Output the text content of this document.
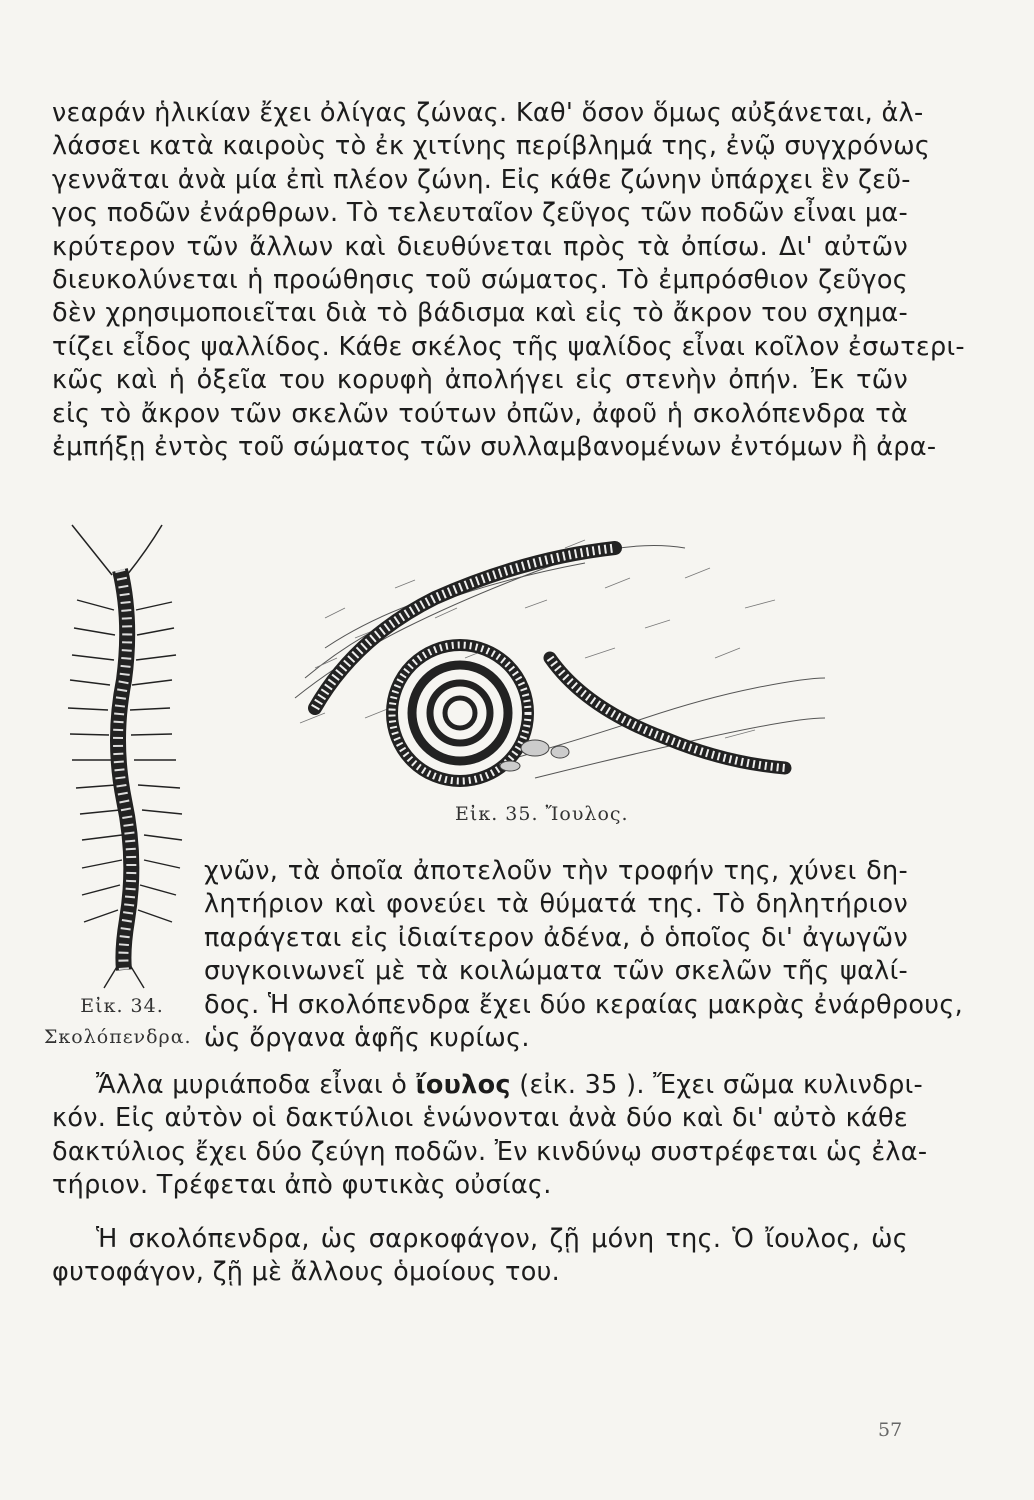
νεαράν ἡλικίαν ἔχει ὀλίγας ζώνας. Καθ' ὅσον ὅμως αὐξάνεται, ἀλ-
λάσσει κατὰ καιροὺς τὸ ἐκ χιτίνης περίβλημά της, ἐνῷ συγχρόνως
γεννᾶται ἀνὰ μία ἐπὶ πλέον ζώνη. Εἰς κάθε ζώνην ὑπάρχει ἓν ζεῦ-
γος ποδῶν ἐνάρθρων. Τὸ τελευταῖον ζεῦγος τῶν ποδῶν εἶναι μα-
κρύτερον τῶν ἄλλων καὶ διευθύνεται πρὸς τὰ ὀπίσω. Δι' αὐτῶν
διευκολύνεται ἡ προώθησις τοῦ σώματος. Τὸ ἐμπρόσθιον ζεῦγος
δὲν χρησιμοποιεῖται διὰ τὸ βάδισμα καὶ εἰς τὸ ἄκρον του σχημα-
τίζει εἶδος ψαλλίδος. Κάθε σκέλος τῆς ψαλίδος εἶναι κοῖλον ἐσωτερι-
κῶς καὶ ἡ ὀξεῖα του κορυφὴ ἀπολήγει εἰς στενὴν ὀπήν. Ἐκ τῶν
εἰς τὸ ἄκρον τῶν σκελῶν τούτων ὀπῶν, ἀφοῦ ἡ σκολόπενδρα τὰ
ἐμπήξῃ ἐντὸς τοῦ σώματος τῶν συλλαμβανομένων ἐντόμων ἢ ἀρα-
Εἰκ. 35. Ἴουλος.
Εἰκ. 34.
Σκολόπενδρα.
χνῶν, τὰ ὁποῖα ἀποτελοῦν τὴν τροφήν της, χύνει δη-
λητήριον καὶ φονεύει τὰ θύματά της. Τὸ δηλητήριον
παράγεται εἰς ἰδιαίτερον ἀδένα, ὁ ὁποῖος δι' ἀγωγῶν
συγκοινωνεῖ μὲ τὰ κοιλώματα τῶν σκελῶν τῆς ψαλί-
δος. Ἡ σκολόπενδρα ἔχει δύο κεραίας μακρὰς ἐνάρθρους,
ὡς ὄργανα ἁφῆς κυρίως.
Ἄλλα μυριάποδα εἶναι ὁ ἴουλος (εἰκ. 35 ). Ἔχει σῶμα κυλινδρι-
κόν. Εἰς αὐτὸν οἱ δακτύλιοι ἑνώνονται ἀνὰ δύο καὶ δι' αὐτὸ κάθε
δακτύλιος ἔχει δύο ζεύγη ποδῶν. Ἐν κινδύνῳ συστρέφεται ὡς ἐλα-
τήριον. Τρέφεται ἀπὸ φυτικὰς οὐσίας.
Ἡ σκολόπενδρα, ὡς σαρκοφάγον, ζῇ μόνη της. Ὁ ἴουλος, ὡς
φυτοφάγον, ζῇ μὲ ἄλλους ὁμοίους του.
57
